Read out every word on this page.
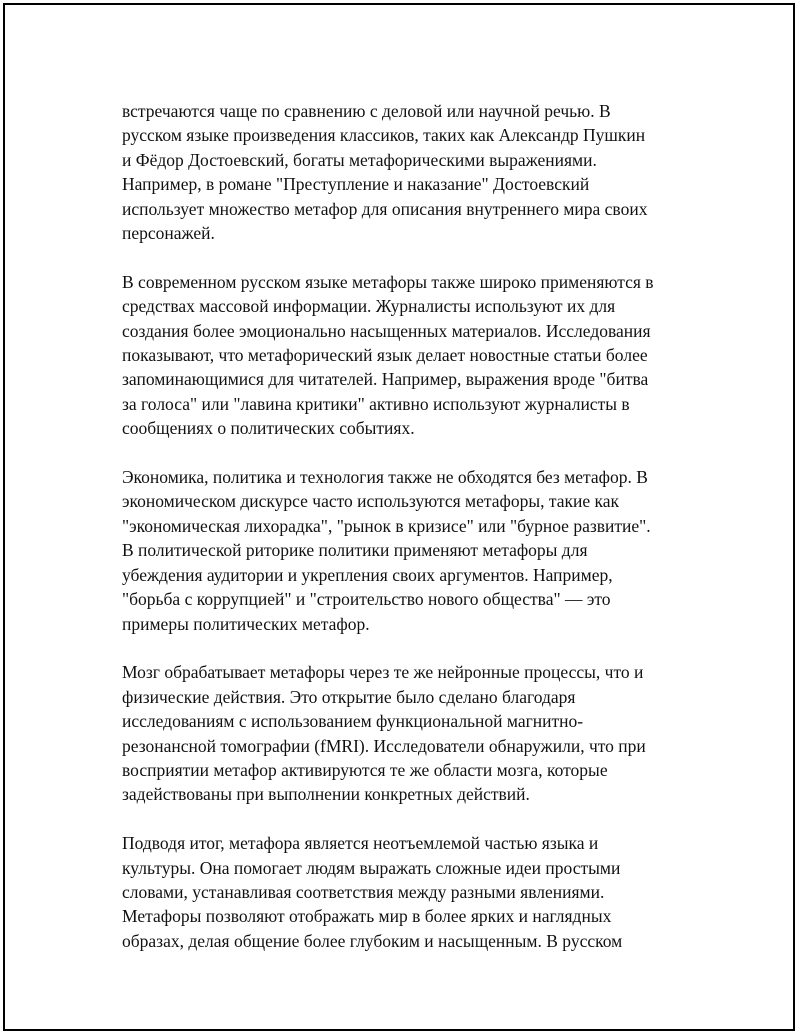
встречаются чаще по сравнению с деловой или научной речью. В
русском языке произведения классиков, таких как Александр Пушкин
и Фёдор Достоевский, богаты метафорическими выражениями.
Например, в романе "Преступление и наказание" Достоевский
использует множество метафор для описания внутреннего мира своих
персонажей.

В современном русском языке метафоры также широко применяются в
средствах массовой информации. Журналисты используют их для
создания более эмоционально насыщенных материалов. Исследования
показывают, что метафорический язык делает новостные статьи более
запоминающимися для читателей. Например, выражения вроде "битва
за голоса" или "лавина критики" активно используют журналисты в
сообщениях о политических событиях.

Экономика, политика и технология также не обходятся без метафор. В
экономическом дискурсе часто используются метафоры, такие как
"экономическая лихорадка", "рынок в кризисе" или "бурное развитие".
В политической риторике политики применяют метафоры для
убеждения аудитории и укрепления своих аргументов. Например,
"борьба с коррупцией" и "строительство нового общества" — это
примеры политических метафор.

Мозг обрабатывает метафоры через те же нейронные процессы, что и
физические действия. Это открытие было сделано благодаря
исследованиям с использованием функциональной магнитно-
резонансной томографии (fMRI). Исследователи обнаружили, что при
восприятии метафор активируются те же области мозга, которые
задействованы при выполнении конкретных действий.

Подводя итог, метафора является неотъемлемой частью языка и
культуры. Она помогает людям выражать сложные идеи простыми
словами, устанавливая соответствия между разными явлениями.
Метафоры позволяют отображать мир в более ярких и наглядных
образах, делая общение более глубоким и насыщенным. В русском
